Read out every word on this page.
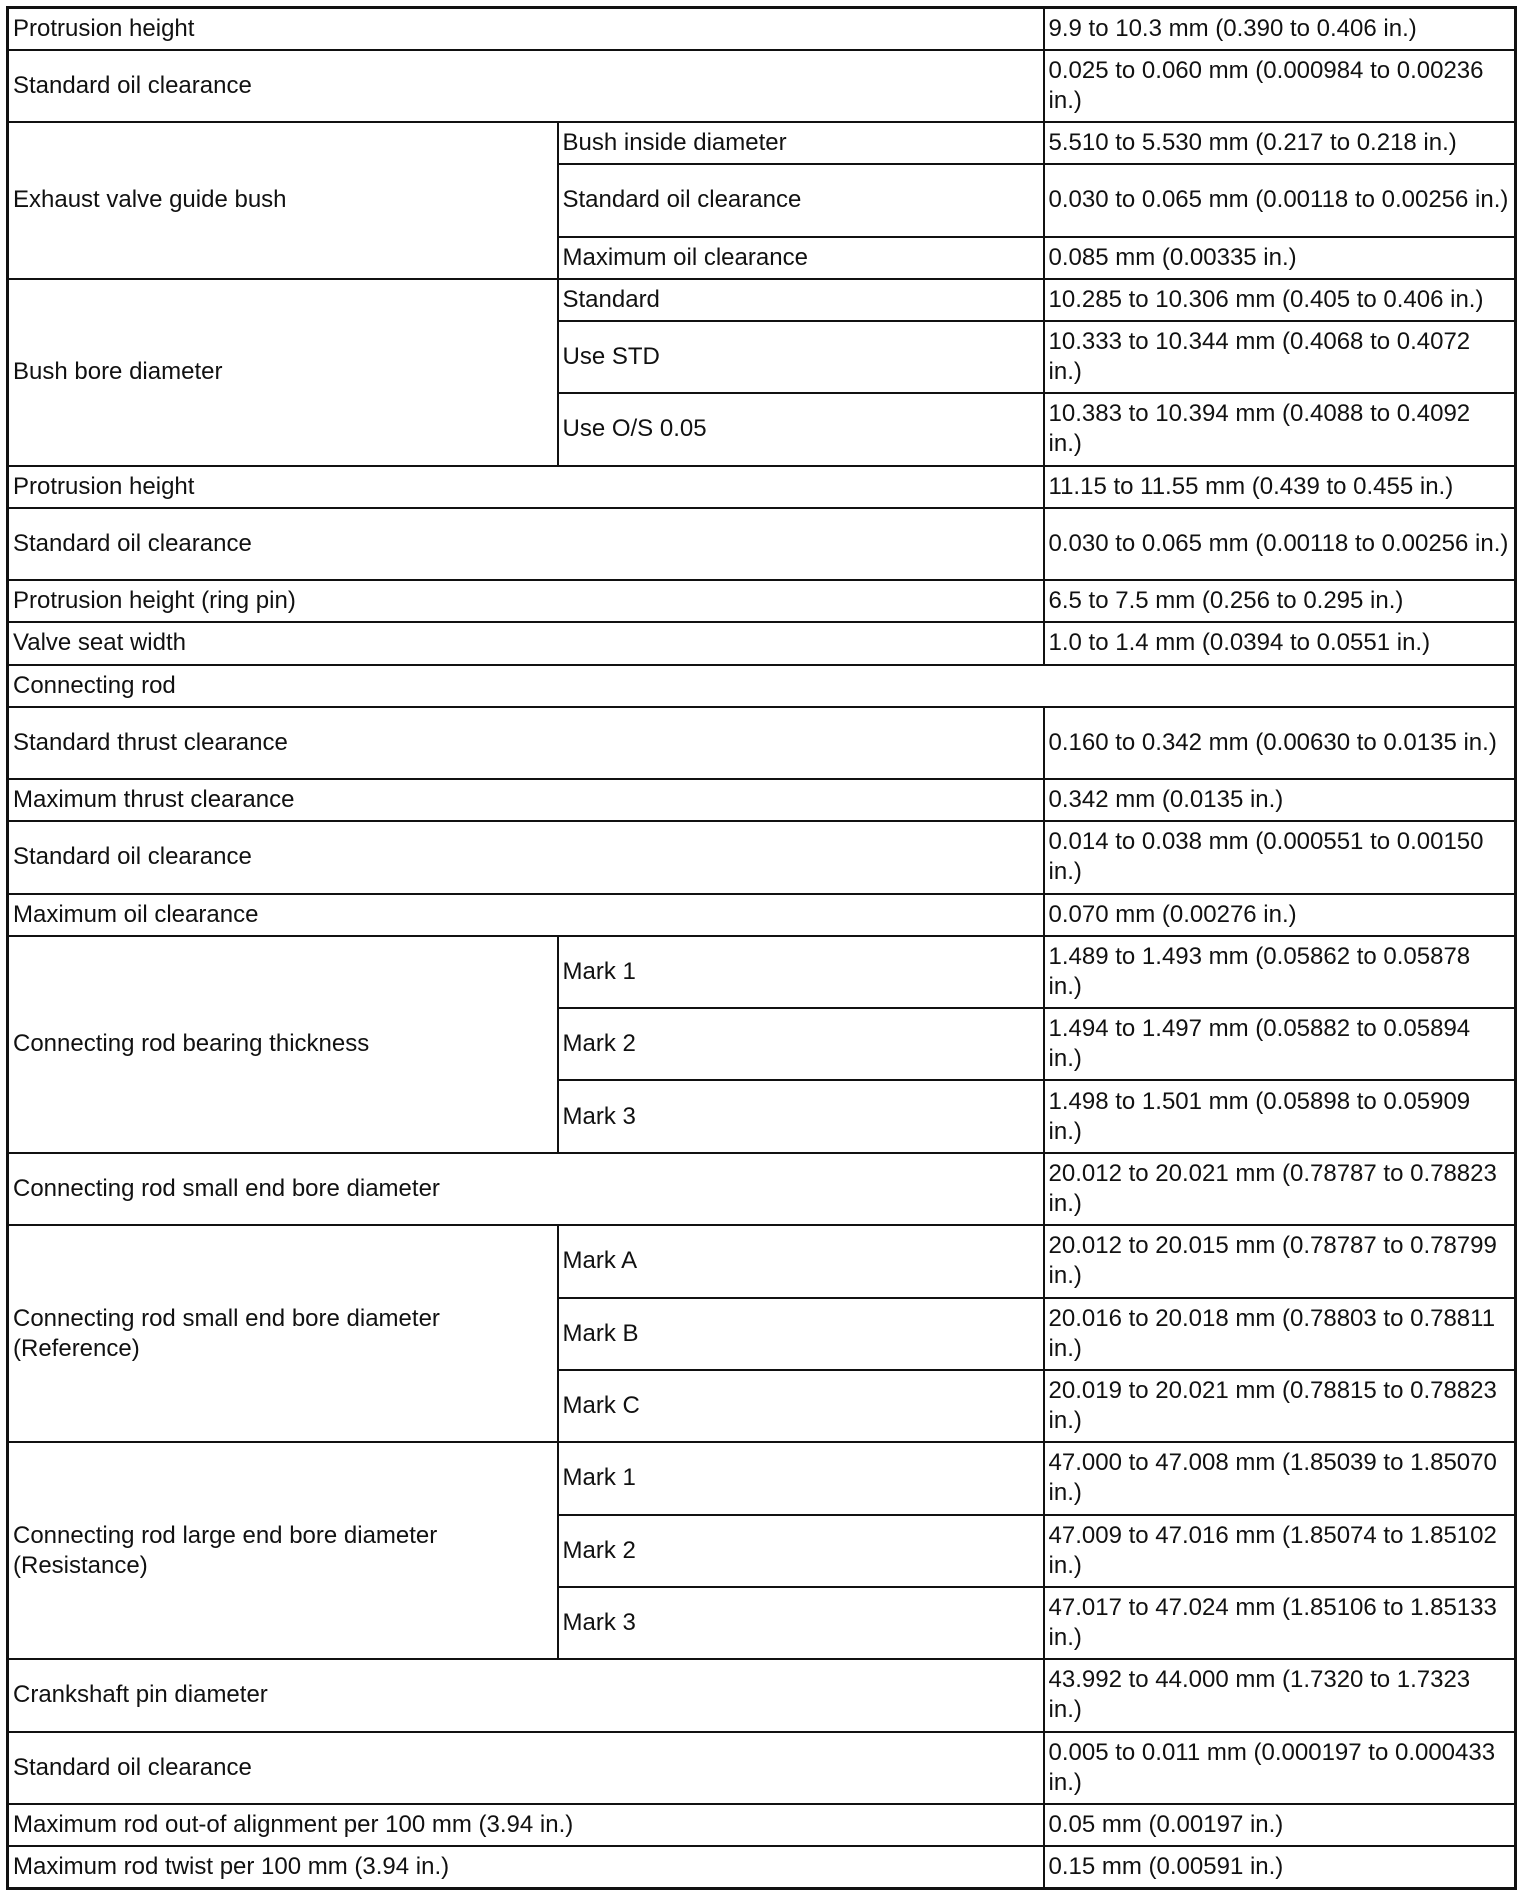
Protrusion height		9.9 to 10.3 mm (0.390 to 0.406 in.)
Standard oil clearance		0.025 to 0.060 mm (0.000984 to 0.00236 in.)
Exhaust valve guide bush	Bush inside diameter	5.510 to 5.530 mm (0.217 to 0.218 in.)
	Standard oil clearance	0.030 to 0.065 mm (0.00118 to 0.00256 in.)
	Maximum oil clearance	0.085 mm (0.00335 in.)
Bush bore diameter	Standard	10.285 to 10.306 mm (0.405 to 0.406 in.)
	Use STD	10.333 to 10.344 mm (0.4068 to 0.4072 in.)
	Use O/S 0.05	10.383 to 10.394 mm (0.4088 to 0.4092 in.)
Protrusion height		11.15 to 11.55 mm (0.439 to 0.455 in.)
Standard oil clearance		0.030 to 0.065 mm (0.00118 to 0.00256 in.)
Protrusion height (ring pin)		6.5 to 7.5 mm (0.256 to 0.295 in.)
Valve seat width		1.0 to 1.4 mm (0.0394 to 0.0551 in.)
Connecting rod		
Standard thrust clearance		0.160 to 0.342 mm (0.00630 to 0.0135 in.)
Maximum thrust clearance		0.342 mm (0.0135 in.)
Standard oil clearance		0.014 to 0.038 mm (0.000551 to 0.00150 in.)
Maximum oil clearance		0.070 mm (0.00276 in.)
Connecting rod bearing thickness	Mark 1	1.489 to 1.493 mm (0.05862 to 0.05878 in.)
	Mark 2	1.494 to 1.497 mm (0.05882 to 0.05894 in.)
	Mark 3	1.498 to 1.501 mm (0.05898 to 0.05909 in.)
Connecting rod small end bore diameter		20.012 to 20.021 mm (0.78787 to 0.78823 in.)
Connecting rod small end bore diameter (Reference)	Mark A	20.012 to 20.015 mm (0.78787 to 0.78799 in.)
	Mark B	20.016 to 20.018 mm (0.78803 to 0.78811 in.)
	Mark C	20.019 to 20.021 mm (0.78815 to 0.78823 in.)
Connecting rod large end bore diameter (Resistance)	Mark 1	47.000 to 47.008 mm (1.85039 to 1.85070 in.)
	Mark 2	47.009 to 47.016 mm (1.85074 to 1.85102 in.)
	Mark 3	47.017 to 47.024 mm (1.85106 to 1.85133 in.)
Crankshaft pin diameter		43.992 to 44.000 mm (1.7320 to 1.7323 in.)
Standard oil clearance		0.005 to 0.011 mm (0.000197 to 0.000433 in.)
Maximum rod out-of alignment per 100 mm (3.94 in.)		0.05 mm (0.00197 in.)
Maximum rod twist per 100 mm (3.94 in.)		0.15 mm (0.00591 in.)
